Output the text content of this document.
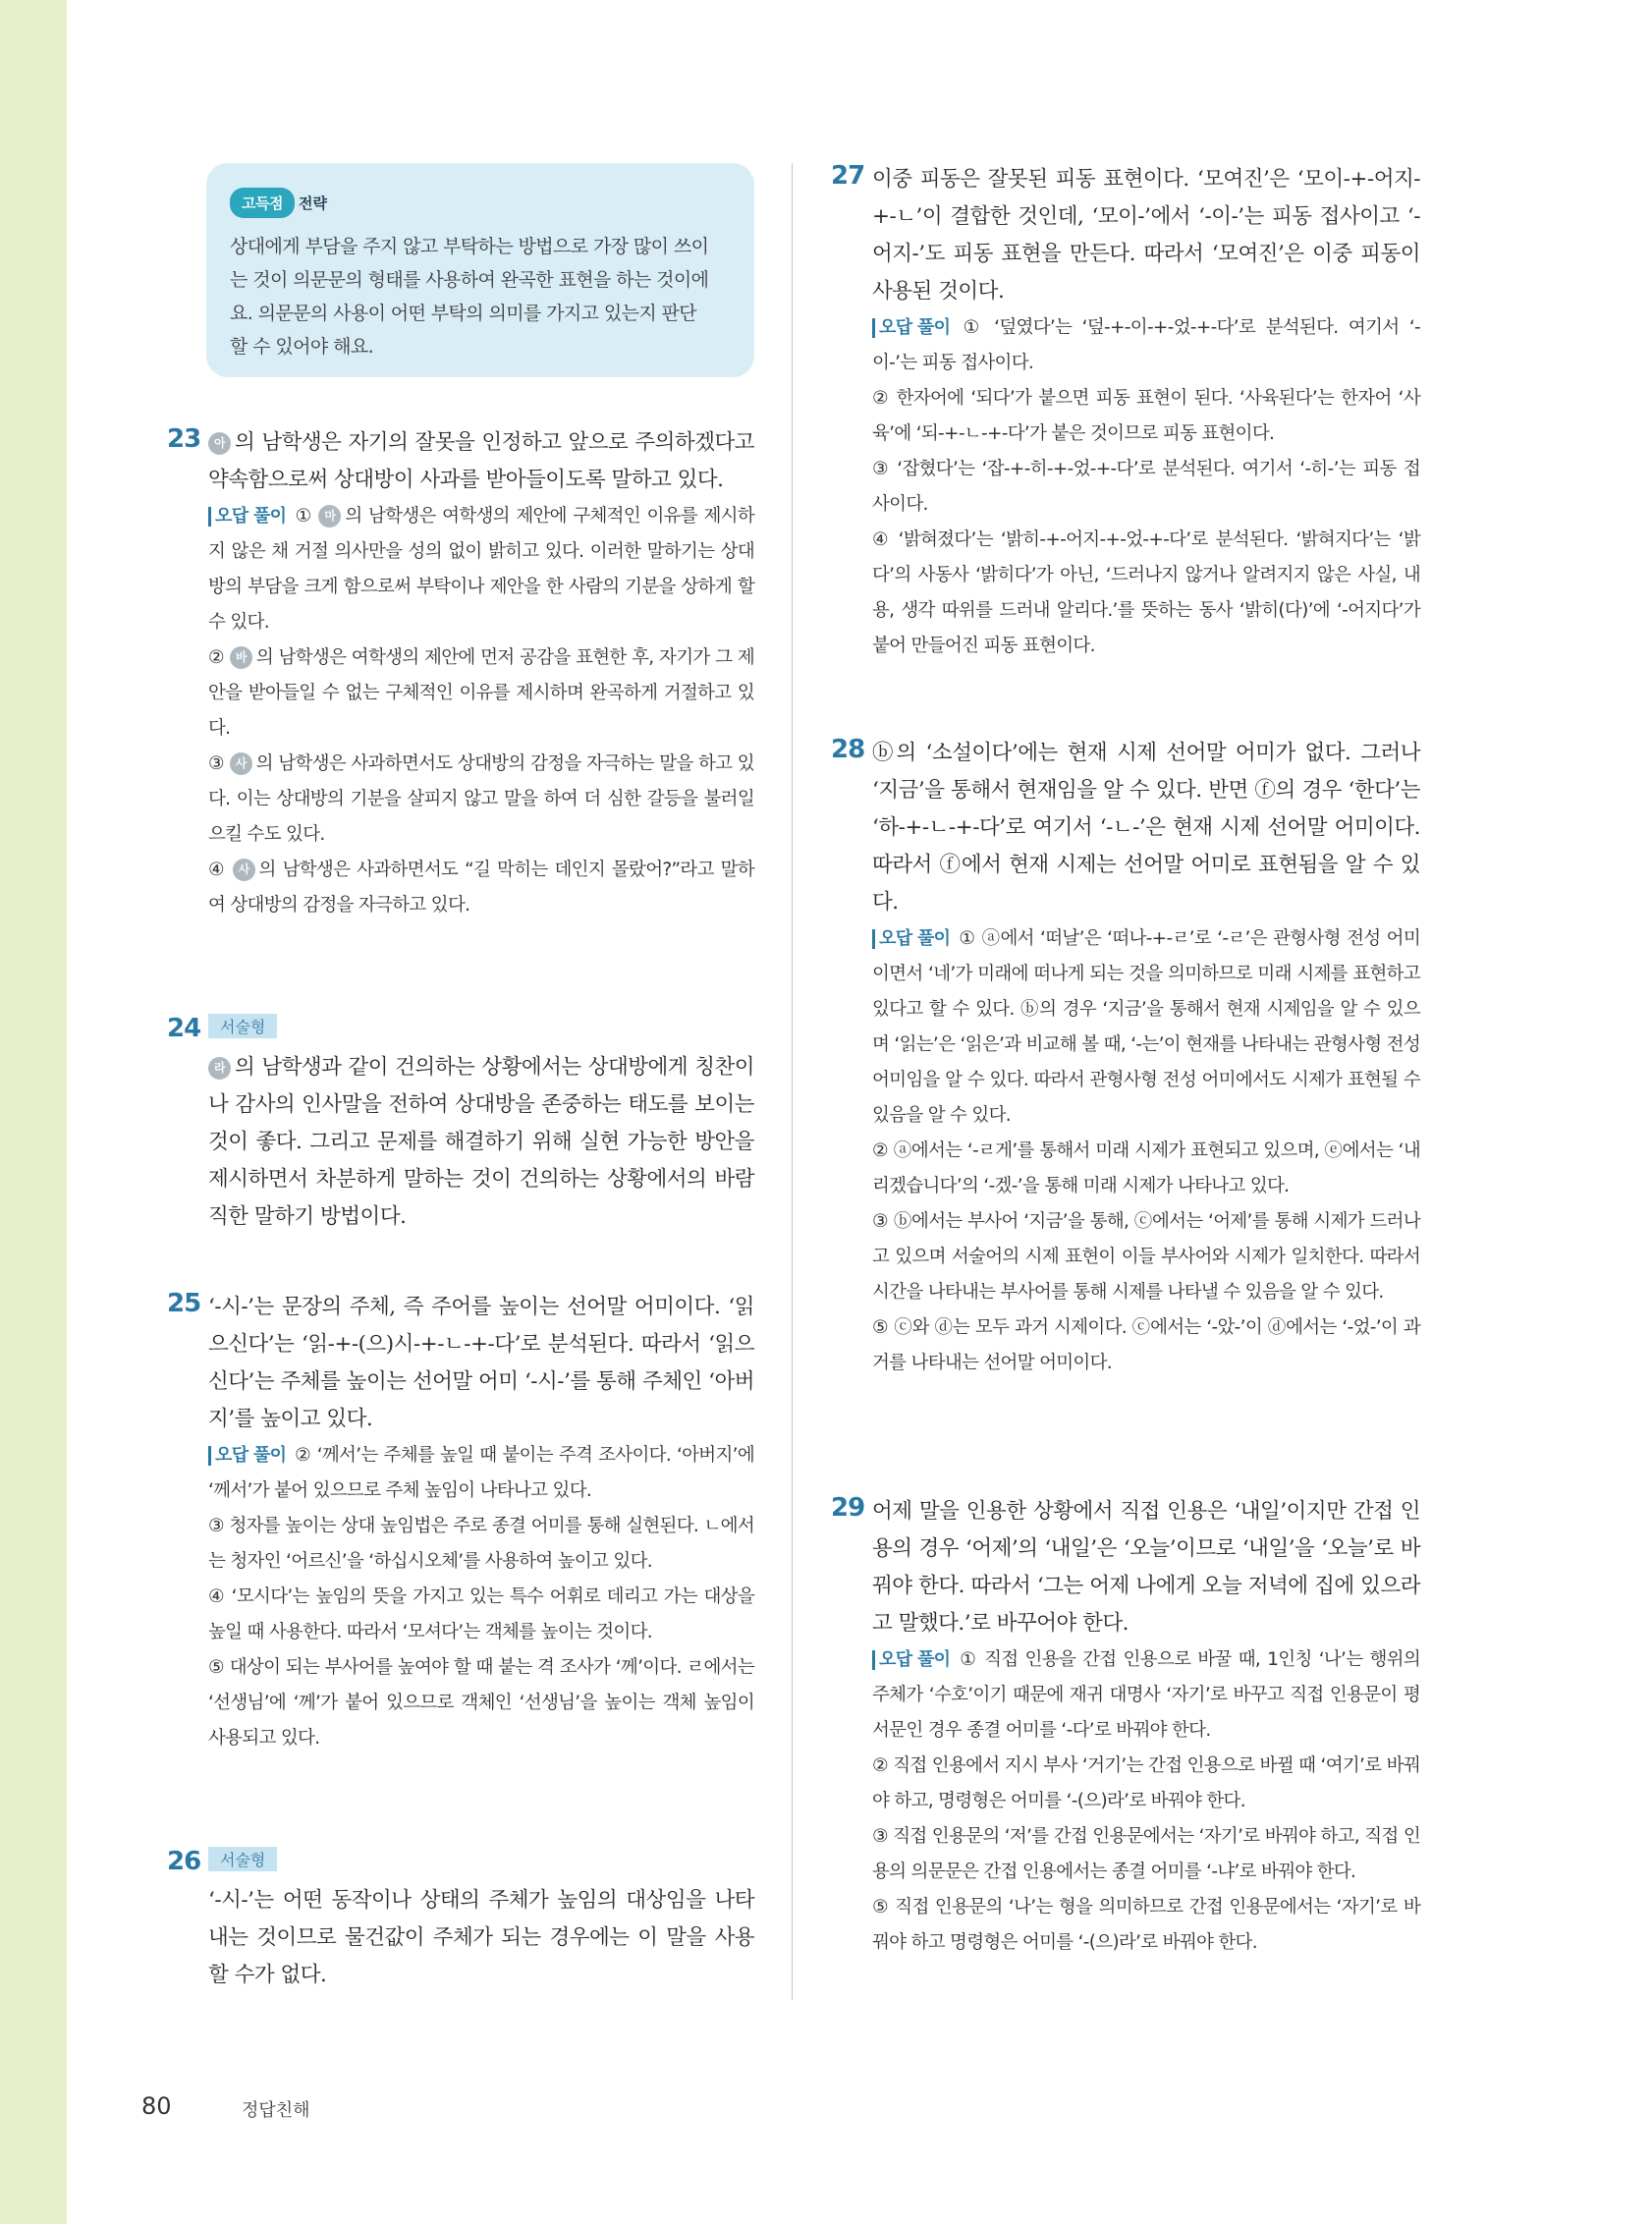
고득점	전략
상대에게 부담을 주지 않고 부탁하는 방법으로 가장 많이 쓰이
는 것이 의문문의 형태를 사용하여 완곡한 표현을 하는 것이에
요. 의문문의 사용이 어떤 부탁의 의미를 가지고 있는지 판단
할 수 있어야 해요.
23	아 의 남학생은 자기의 잘못을 인정하고 앞으로 주의하겠다고 약속함으로써 상대방이 사과를 받아들이도록 말하고 있다.

오답 풀이 ① 마 의 남학생은 여학생의 제안에 구체적인 이유를 제시하지 않은 채 거절 의사만을 성의 없이 밝히고 있다. 이러한 말하기는 상대방의 부담을 크게 함으로써 부탁이나 제안을 한 사람의 기분을 상하게 할 수 있다.

② 바 의 남학생은 여학생의 제안에 먼저 공감을 표현한 후, 자기가 그 제안을 받아들일 수 없는 구체적인 이유를 제시하며 완곡하게 거절하고 있다.

③ 사 의 남학생은 사과하면서도 상대방의 감정을 자극하는 말을 하고 있다. 이는 상대방의 기분을 살피지 않고 말을 하여 더 심한 갈등을 불러일으킬 수도 있다.

④ 사 의 남학생은 사과하면서도 “길 막히는 데인지 몰랐어?”라고 말하여 상대방의 감정을 자극하고 있다.

24	서술형

라 의 남학생과 같이 건의하는 상황에서는 상대방에게 칭찬이나 감사의 인사말을 전하여 상대방을 존중하는 태도를 보이는 것이 좋다. 그리고 문제를 해결하기 위해 실현 가능한 방안을 제시하면서 차분하게 말하는 것이 건의하는 상황에서의 바람직한 말하기 방법이다.

25 ‘-시-’는 문장의 주체, 즉 주어를 높이는 선어말 어미이다. ‘읽으신다’는 ‘읽-+-(으)시-+-ㄴ-+-다’로 분석된다. 따라서 ‘읽으신다’는 주체를 높이는 선어말 어미 ‘-시-’를 통해 주체인 ‘아버지’를 높이고 있다.

오답 풀이 ② ‘께서’는 주체를 높일 때 붙이는 주격 조사이다. ‘아버지’에 ‘께서’가 붙어 있으므로 주체 높임이 나타나고 있다.

③ 청자를 높이는 상대 높임법은 주로 종결 어미를 통해 실현된다. ㄴ에서는 청자인 ‘어르신’을 ‘하십시오체’를 사용하여 높이고 있다.

④ ‘모시다’는 높임의 뜻을 가지고 있는 특수 어휘로 데리고 가는 대상을 높일 때 사용한다. 따라서 ‘모셔다’는 객체를 높이는 것이다.

⑤ 대상이 되는 부사어를 높여야 할 때 붙는 격 조사가 ‘께’이다. ㄹ에서는 ‘선생님’에 ‘께’가 붙어 있으므로 객체인 ‘선생님’을 높이는 객체 높임이 사용되고 있다.

26	서술형

‘-시-’는 어떤 동작이나 상태의 주체가 높임의 대상임을 나타내는 것이므로 물건값이 주체가 되는 경우에는 이 말을 사용할 수가 없다.

27 이중 피동은 잘못된 피동 표현이다. ‘모여진’은 ‘모이-+-어지-+-ㄴ’이 결합한 것인데, ‘모이-’에서 ‘-이-’는 피동 접사이고 ‘-어지-’도 피동 표현을 만든다. 따라서 ‘모여진’은 이중 피동이 사용된 것이다.

오답 풀이 ① ‘덮였다’는 ‘덮-+-이-+-었-+-다’로 분석된다. 여기서 ‘-이-’는 피동 접사이다.

② 한자어에 ‘되다’가 붙으면 피동 표현이 된다. ‘사육된다’는 한자어 ‘사육’에 ‘되-+-ㄴ-+-다’가 붙은 것이므로 피동 표현이다.

③ ‘잡혔다’는 ‘잡-+-히-+-었-+-다’로 분석된다. 여기서 ‘-히-’는 피동 접사이다.

④ ‘밝혀졌다’는 ‘밝히-+-어지-+-었-+-다’로 분석된다. ‘밝혀지다’는 ‘밝다’의 사동사 ‘밝히다’가 아닌, ‘드러나지 않거나 알려지지 않은 사실, 내용, 생각 따위를 드러내 알리다.’를 뜻하는 동사 ‘밝히(다)’에 ‘-어지다’가 붙어 만들어진 피동 표현이다.

28 ⓑ의 ‘소설이다’에는 현재 시제 선어말 어미가 없다. 그러나 ‘지금’을 통해서 현재임을 알 수 있다. 반면 ⓕ의 경우 ‘한다’는 ‘하-+-ㄴ-+-다’로 여기서 ‘-ㄴ-’은 현재 시제 선어말 어미이다. 따라서 ⓕ에서 현재 시제는 선어말 어미로 표현됨을 알 수 있다.

오답 풀이 ① ⓐ에서 ‘떠날’은 ‘떠나-+-ㄹ’로 ‘-ㄹ’은 관형사형 전성 어미이면서 ‘네’가 미래에 떠나게 되는 것을 의미하므로 미래 시제를 표현하고 있다고 할 수 있다. ⓑ의 경우 ‘지금’을 통해서 현재 시제임을 알 수 있으며 ‘읽는’은 ‘읽은’과 비교해 볼 때, ‘-는’이 현재를 나타내는 관형사형 전성 어미임을 알 수 있다. 따라서 관형사형 전성 어미에서도 시제가 표현될 수 있음을 알 수 있다.

② ⓐ에서는 ‘-ㄹ게’를 통해서 미래 시제가 표현되고 있으며, ⓔ에서는 ‘내리겠습니다’의 ‘-겠-’을 통해 미래 시제가 나타나고 있다.

③ ⓑ에서는 부사어 ‘지금’을 통해, ⓒ에서는 ‘어제’를 통해 시제가 드러나고 있으며 서술어의 시제 표현이 이들 부사어와 시제가 일치한다. 따라서 시간을 나타내는 부사어를 통해 시제를 나타낼 수 있음을 알 수 있다.

⑤ ⓒ와 ⓓ는 모두 과거 시제이다. ⓒ에서는 ‘-았-’이 ⓓ에서는 ‘-었-’이 과거를 나타내는 선어말 어미이다.

29 어제 말을 인용한 상황에서 직접 인용은 ‘내일’이지만 간접 인용의 경우 ‘어제’의 ‘내일’은 ‘오늘’이므로 ‘내일’을 ‘오늘’로 바꿔야 한다. 따라서 ‘그는 어제 나에게 오늘 저녁에 집에 있으라고 말했다.’로 바꾸어야 한다.

오답 풀이 ① 직접 인용을 간접 인용으로 바꿀 때, 1인칭 ‘나’는 행위의 주체가 ‘수호’이기 때문에 재귀 대명사 ‘자기’로 바꾸고 직접 인용문이 평서문인 경우 종결 어미를 ‘-다’로 바꿔야 한다.

② 직접 인용에서 지시 부사 ‘거기’는 간접 인용으로 바뀔 때 ‘여기’로 바꿔야 하고, 명령형은 어미를 ‘-(으)라’로 바꿔야 한다.

③ 직접 인용문의 ‘저’를 간접 인용문에서는 ‘자기’로 바꿔야 하고, 직접 인용의 의문문은 간접 인용에서는 종결 어미를 ‘-냐’로 바꿔야 한다.

⑤ 직접 인용문의 ‘나’는 형을 의미하므로 간접 인용문에서는 ‘자기’로 바꿔야 하고 명령형은 어미를 ‘-(으)라’로 바꿔야 한다.

80	정답친해
